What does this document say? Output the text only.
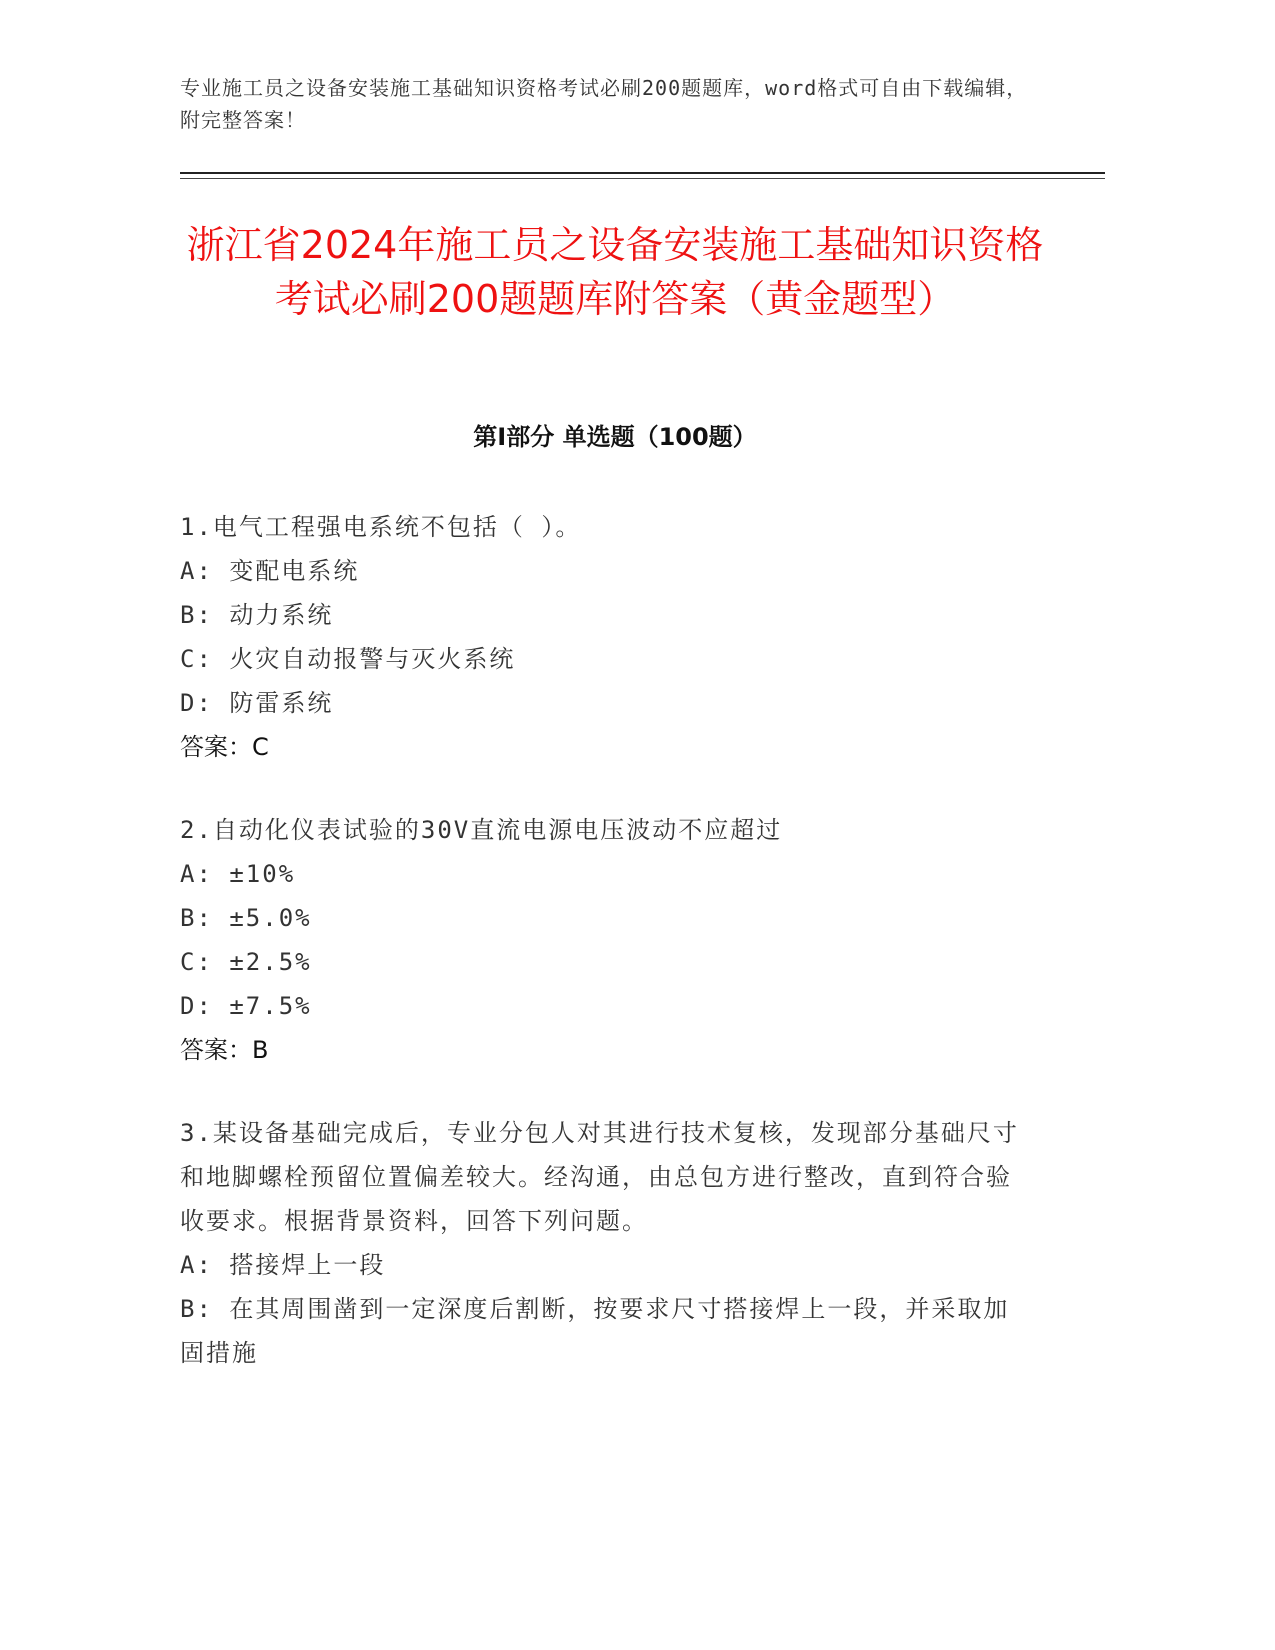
专业施工员之设备安装施工基础知识资格考试必刷200题题库，word格式可自由下载编辑，附完整答案！
浙江省2024年施工员之设备安装施工基础知识资格考试必刷200题题库附答案（黄金题型）
第Ⅰ部分 单选题（100题）

1.电气工程强电系统不包括（ ）。

A: 变配电系统

B: 动力系统

C: 火灾自动报警与灭火系统

D: 防雷系统

答案：C

2.自动化仪表试验的30V直流电源电压波动不应超过

A: ±10%

B: ±5.0%

C: ±2.5%

D: ±7.5%

答案：B

3.某设备基础完成后，专业分包人对其进行技术复核，发现部分基础尺寸和地脚螺栓预留位置偏差较大。经沟通，由总包方进行整改，直到符合验收要求。根据背景资料，回答下列问题。

A: 搭接焊上一段

B: 在其周围凿到一定深度后割断，按要求尺寸搭接焊上一段，并采取加固措施
